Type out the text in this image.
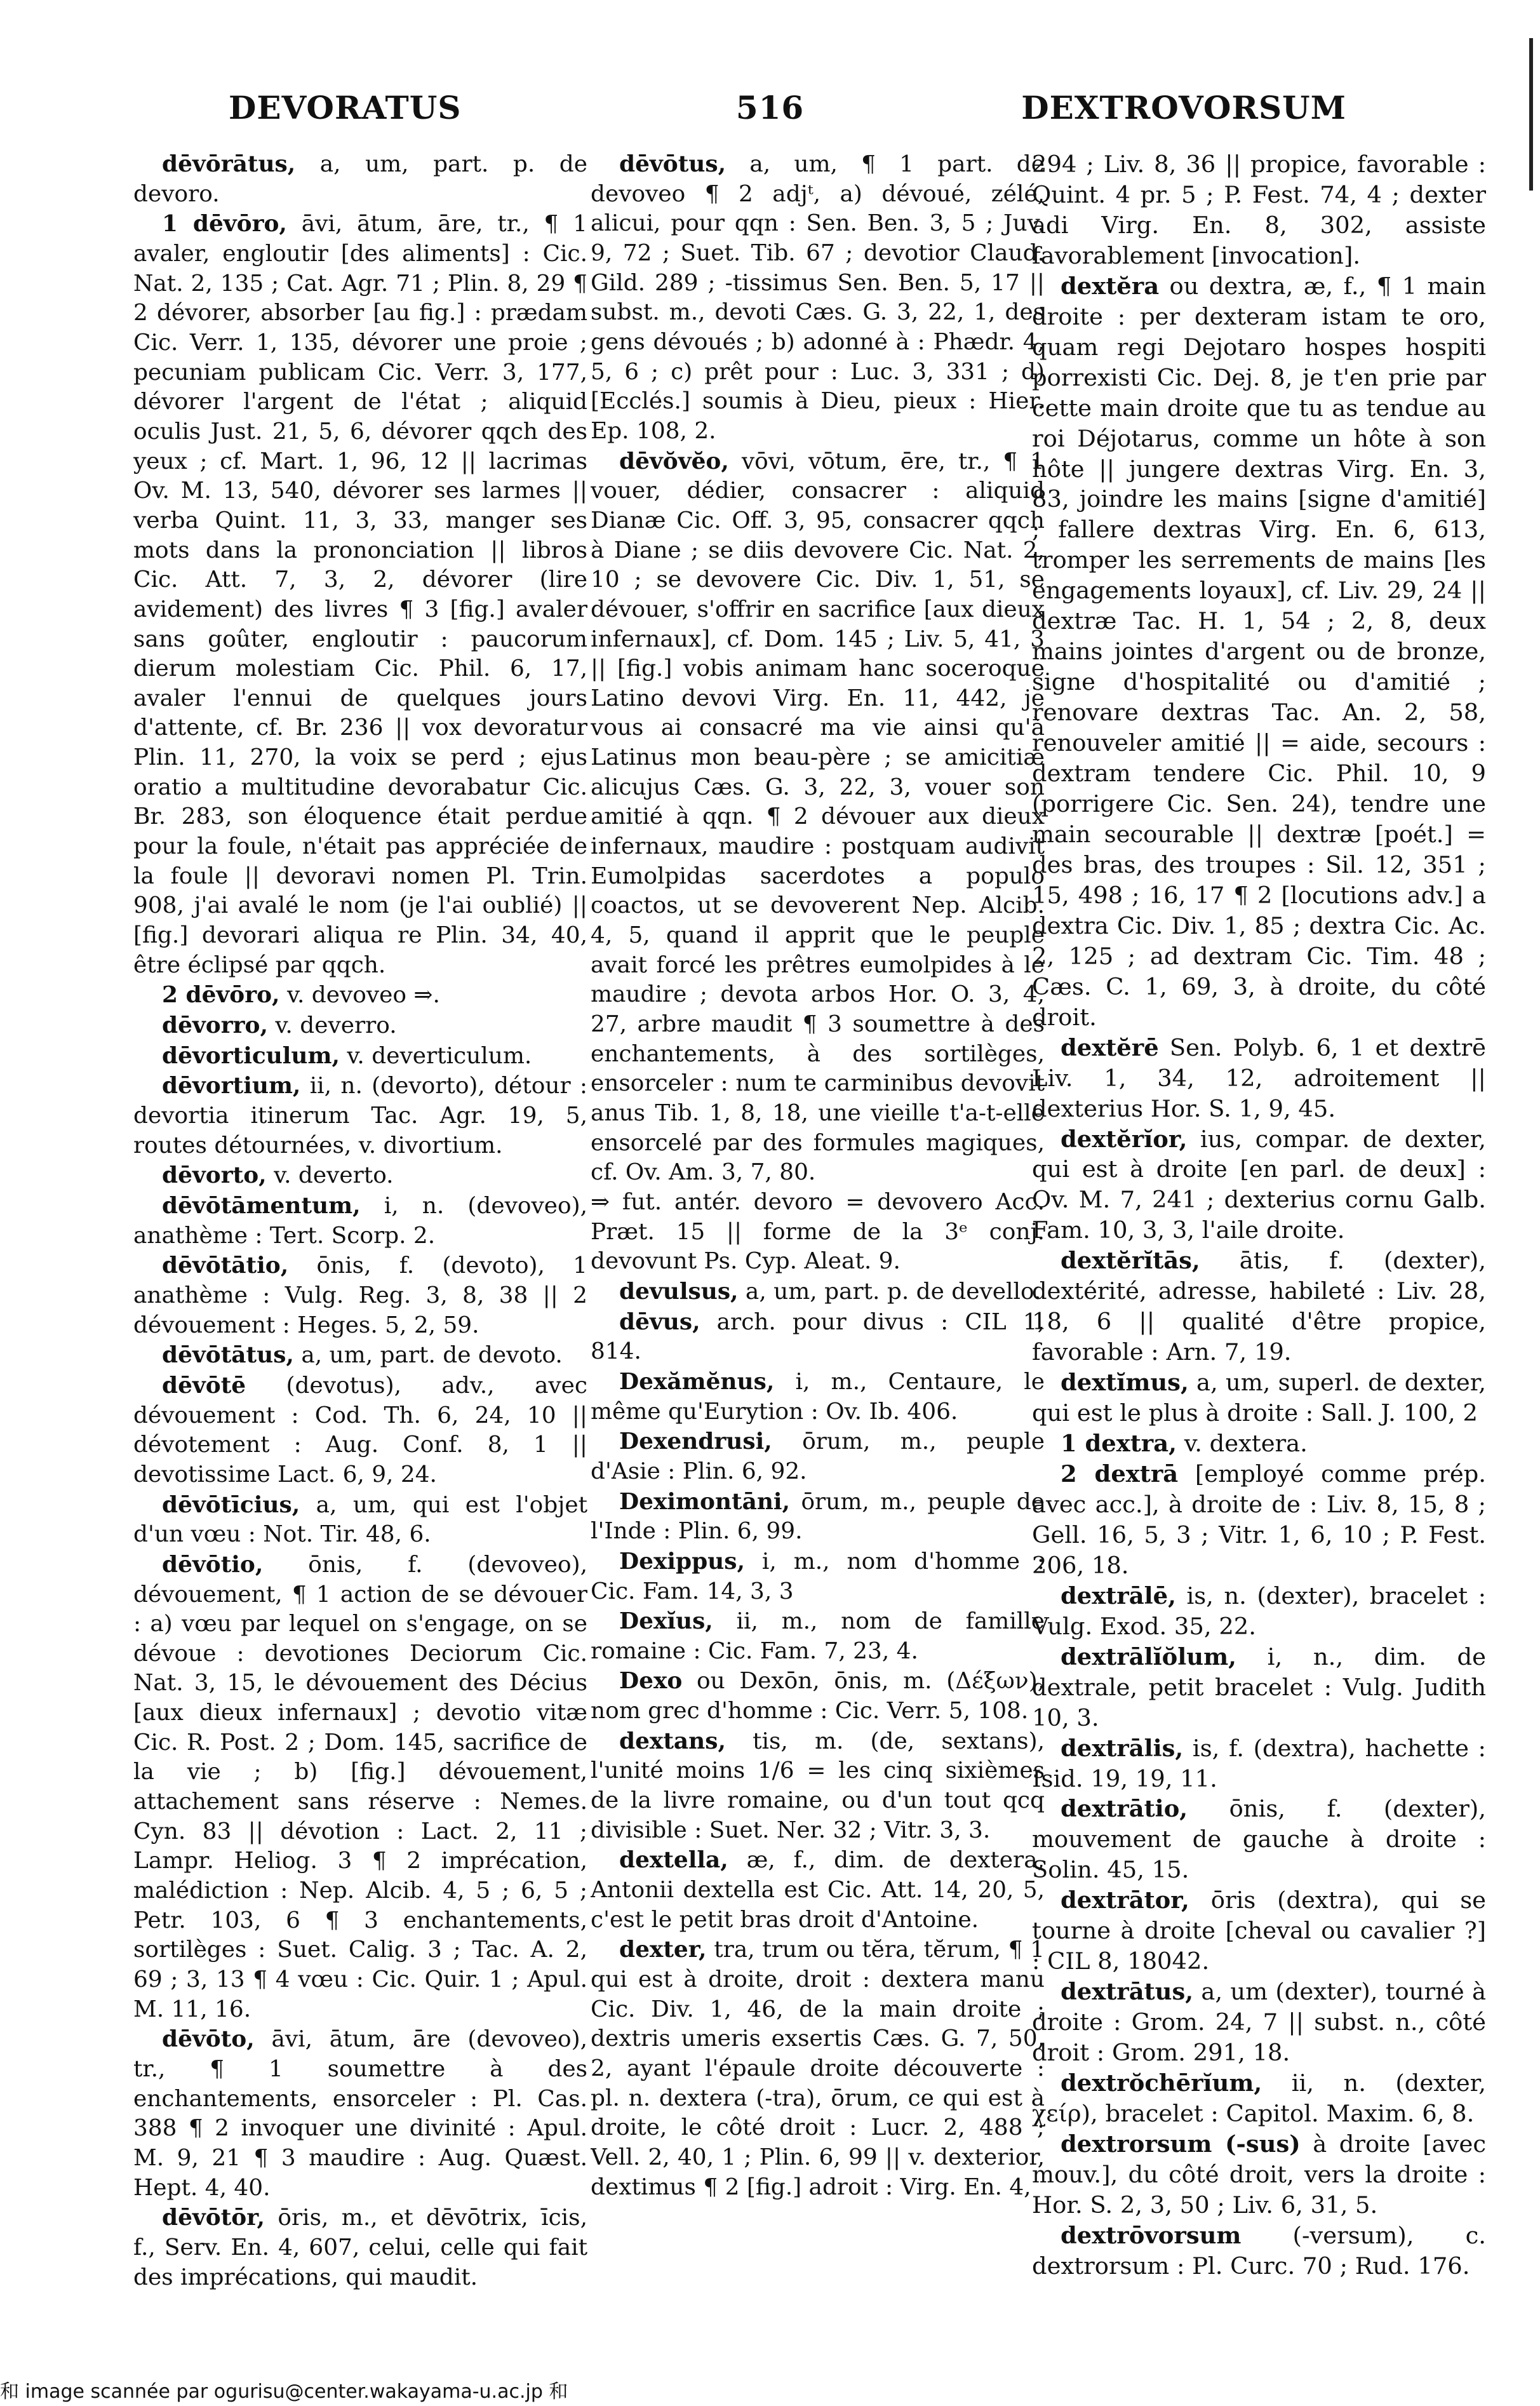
DEVORATUS	516	DEXTROVORSUM

dēvōrātus, a, um, part. p. de devoro.

1 dēvōro, āvi, ātum, āre, tr., ¶ 1 avaler, engloutir [des aliments] : Cic. Nat. 2, 135 ; Cat. Agr. 71 ; Plin. 8, 29 ¶ 2 dévorer, absorber [au fig.] : prædam Cic. Verr. 1, 135, dévorer une proie ; pecuniam publicam Cic. Verr. 3, 177, dévorer l'argent de l'état ; aliquid oculis Just. 21, 5, 6, dévorer qqch des yeux ; cf. Mart. 1, 96, 12 || lacrimas Ov. M. 13, 540, dévorer ses larmes || verba Quint. 11, 3, 33, manger ses mots dans la prononciation || libros Cic. Att. 7, 3, 2, dévorer (lire avidement) des livres ¶ 3 [fig.] avaler sans goûter, engloutir : paucorum dierum molestiam Cic. Phil. 6, 17, avaler l'ennui de quelques jours d'attente, cf. Br. 236 || vox devoratur Plin. 11, 270, la voix se perd ; ejus oratio a multitudine devorabatur Cic. Br. 283, son éloquence était perdue pour la foule, n'était pas appréciée de la foule || devoravi nomen Pl. Trin. 908, j'ai avalé le nom (je l'ai oublié) || [fig.] devorari aliqua re Plin. 34, 40, être éclipsé par qqch.

2 dēvōro, v. devoveo ⇒.

dēvorro, v. deverro.

dēvorticulum, v. deverticulum.

dēvortium, ii, n. (devorto), détour : devortia itinerum Tac. Agr. 19, 5, routes détournées, v. divortium.

dēvorto, v. deverto.

dēvōtāmentum, i, n. (devoveo), anathème : Tert. Scorp. 2.

dēvōtātio, ōnis, f. (devoto), 1 anathème : Vulg. Reg. 3, 8, 38 || 2 dévouement : Heges. 5, 2, 59.

dēvōtātus, a, um, part. de devoto.

dēvōtē (devotus), adv., avec dévouement : Cod. Th. 6, 24, 10 || dévotement : Aug. Conf. 8, 1 || devotissime Lact. 6, 9, 24.

dēvōtīcius, a, um, qui est l'objet d'un vœu : Not. Tir. 48, 6.

dēvōtio, ōnis, f. (devoveo), dévouement, ¶ 1 action de se dévouer : a) vœu par lequel on s'engage, on se dévoue : devotiones Deciorum Cic. Nat. 3, 15, le dévouement des Décius [aux dieux infernaux] ; devotio vitæ Cic. R. Post. 2 ; Dom. 145, sacrifice de la vie ; b) [fig.] dévouement, attachement sans réserve : Nemes. Cyn. 83 || dévotion : Lact. 2, 11 ; Lampr. Heliog. 3 ¶ 2 imprécation, malédiction : Nep. Alcib. 4, 5 ; 6, 5 ; Petr. 103, 6 ¶ 3 enchantements, sortilèges : Suet. Calig. 3 ; Tac. A. 2, 69 ; 3, 13 ¶ 4 vœu : Cic. Quir. 1 ; Apul. M. 11, 16.

dēvōto, āvi, ātum, āre (devoveo), tr., ¶ 1 soumettre à des enchantements, ensorceler : Pl. Cas. 388 ¶ 2 invoquer une divinité : Apul. M. 9, 21 ¶ 3 maudire : Aug. Quæst. Hept. 4, 40.

dēvōtōr, ōris, m., et dēvōtrix, īcis, f., Serv. En. 4, 607, celui, celle qui fait des imprécations, qui maudit.

dēvōtus, a, um, ¶ 1 part. de devoveo ¶ 2 adjᵗ, a) dévoué, zélé, alicui, pour qqn : Sen. Ben. 3, 5 ; Juv. 9, 72 ; Suet. Tib. 67 ; devotior Claud. Gild. 289 ; -tissimus Sen. Ben. 5, 17 || subst. m., devoti Cæs. G. 3, 22, 1, des gens dévoués ; b) adonné à : Phædr. 4, 5, 6 ; c) prêt pour : Luc. 3, 331 ; d) [Ecclés.] soumis à Dieu, pieux : Hier. Ep. 108, 2.

dēvŏvĕo, vōvi, vōtum, ēre, tr., ¶ 1 vouer, dédier, consacrer : aliquid Dianæ Cic. Off. 3, 95, consacrer qqch à Diane ; se diis devovere Cic. Nat. 2, 10 ; se devovere Cic. Div. 1, 51, se dévouer, s'offrir en sacrifice [aux dieux infernaux], cf. Dom. 145 ; Liv. 5, 41, 3 || [fig.] vobis animam hanc soceroque Latino devovi Virg. En. 11, 442, je vous ai consacré ma vie ainsi qu'à Latinus mon beau-père ; se amicitiæ alicujus Cæs. G. 3, 22, 3, vouer son amitié à qqn. ¶ 2 dévouer aux dieux infernaux, maudire : postquam audivit Eumolpidas sacerdotes a populo coactos, ut se devoverent Nep. Alcib. 4, 5, quand il apprit que le peuple avait forcé les prêtres eumolpides à le maudire ; devota arbos Hor. O. 3, 4, 27, arbre maudit ¶ 3 soumettre à des enchantements, à des sortilèges, ensorceler : num te carminibus devovit anus Tib. 1, 8, 18, une vieille t'a-t-elle ensorcelé par des formules magiques, cf. Ov. Am. 3, 7, 80.

⇒ fut. antér. devoro = devovero Acc. Præt. 15 || forme de la 3ᵉ conj. devovunt Ps. Cyp. Aleat. 9.

devulsus, a, um, part. p. de devello.

dēvus, arch. pour divus : CIL 1, 814.

Dexămĕnus, i, m., Centaure, le même qu'Eurytion : Ov. Ib. 406.

Dexendrusi, ōrum, m., peuple d'Asie : Plin. 6, 92.

Deximontāni, ōrum, m., peuple de l'Inde : Plin. 6, 99.

Dexippus, i, m., nom d'homme : Cic. Fam. 14, 3, 3

Dexĭus, ii, m., nom de famille romaine : Cic. Fam. 7, 23, 4.

Dexo ou Dexōn, ōnis, m. (Δέξων), nom grec d'homme : Cic. Verr. 5, 108.

dextans, tis, m. (de, sextans), l'unité moins 1/6 = les cinq sixièmes de la livre romaine, ou d'un tout qcq divisible : Suet. Ner. 32 ; Vitr. 3, 3.

dextella, æ, f., dim. de dextera, Antonii dextella est Cic. Att. 14, 20, 5, c'est le petit bras droit d'Antoine.

dexter, tra, trum ou tĕra, tĕrum, ¶ 1 qui est à droite, droit : dextera manu Cic. Div. 1, 46, de la main droite ; dextris umeris exsertis Cæs. G. 7, 50, 2, ayant l'épaule droite découverte : pl. n. dextera (-tra), ōrum, ce qui est à droite, le côté droit : Lucr. 2, 488 ; Vell. 2, 40, 1 ; Plin. 6, 99 || v. dexterior, dextimus ¶ 2 [fig.] adroit : Virg. En. 4,

294 ; Liv. 8, 36 || propice, favorable : Quint. 4 pr. 5 ; P. Fest. 74, 4 ; dexter adi Virg. En. 8, 302, assiste favorablement [invocation].

dextĕra ou dextra, æ, f., ¶ 1 main droite : per dexteram istam te oro, quam regi Dejotaro hospes hospiti porrexisti Cic. Dej. 8, je t'en prie par cette main droite que tu as tendue au roi Déjotarus, comme un hôte à son hôte || jungere dextras Virg. En. 3, 83, joindre les mains [signe d'amitié] ; fallere dextras Virg. En. 6, 613, tromper les serrements de mains [les engagements loyaux], cf. Liv. 29, 24 || dextræ Tac. H. 1, 54 ; 2, 8, deux mains jointes d'argent ou de bronze, signe d'hospitalité ou d'amitié ; renovare dextras Tac. An. 2, 58, renouveler amitié || = aide, secours : dextram tendere Cic. Phil. 10, 9 (porrigere Cic. Sen. 24), tendre une main secourable || dextræ [poét.] = des bras, des troupes : Sil. 12, 351 ; 15, 498 ; 16, 17 ¶ 2 [locutions adv.] a dextra Cic. Div. 1, 85 ; dextra Cic. Ac. 2, 125 ; ad dextram Cic. Tim. 48 ; Cæs. C. 1, 69, 3, à droite, du côté droit.

dextĕrē Sen. Polyb. 6, 1 et dextrē Liv. 1, 34, 12, adroitement || dexterius Hor. S. 1, 9, 45.

dextĕrĭor, ius, compar. de dexter, qui est à droite [en parl. de deux] : Ov. M. 7, 241 ; dexterius cornu Galb. Fam. 10, 3, 3, l'aile droite.

dextĕrĭtās, ātis, f. (dexter), dextérité, adresse, habileté : Liv. 28, 18, 6 || qualité d'être propice, favorable : Arn. 7, 19.

dextĭmus, a, um, superl. de dexter, qui est le plus à droite : Sall. J. 100, 2

1 dextra, v. dextera.

2 dextrā [employé comme prép. avec acc.], à droite de : Liv. 8, 15, 8 ; Gell. 16, 5, 3 ; Vitr. 1, 6, 10 ; P. Fest. 206, 18.

dextrālē, is, n. (dexter), bracelet : Vulg. Exod. 35, 22.

dextrālĭŏlum, i, n., dim. de dextrale, petit bracelet : Vulg. Judith 10, 3.

dextrālis, is, f. (dextra), hachette : Isid. 19, 19, 11.

dextrātio, ōnis, f. (dexter), mouvement de gauche à droite : Solin. 45, 15.

dextrātor, ōris (dextra), qui se tourne à droite [cheval ou cavalier ?] : CIL 8, 18042.

dextrātus, a, um (dexter), tourné à droite : Grom. 24, 7 || subst. n., côté droit : Grom. 291, 18.

dextrŏchērĭum, ii, n. (dexter, χείρ), bracelet : Capitol. Maxim. 6, 8.

dextrorsum (-sus) à droite [avec mouv.], du côté droit, vers la droite : Hor. S. 2, 3, 50 ; Liv. 6, 31, 5.

dextrōvorsum (-versum), c. dextrorsum : Pl. Curc. 70 ; Rud. 176.

和 image scannée par ogurisu@center.wakayama-u.ac.jp 和
